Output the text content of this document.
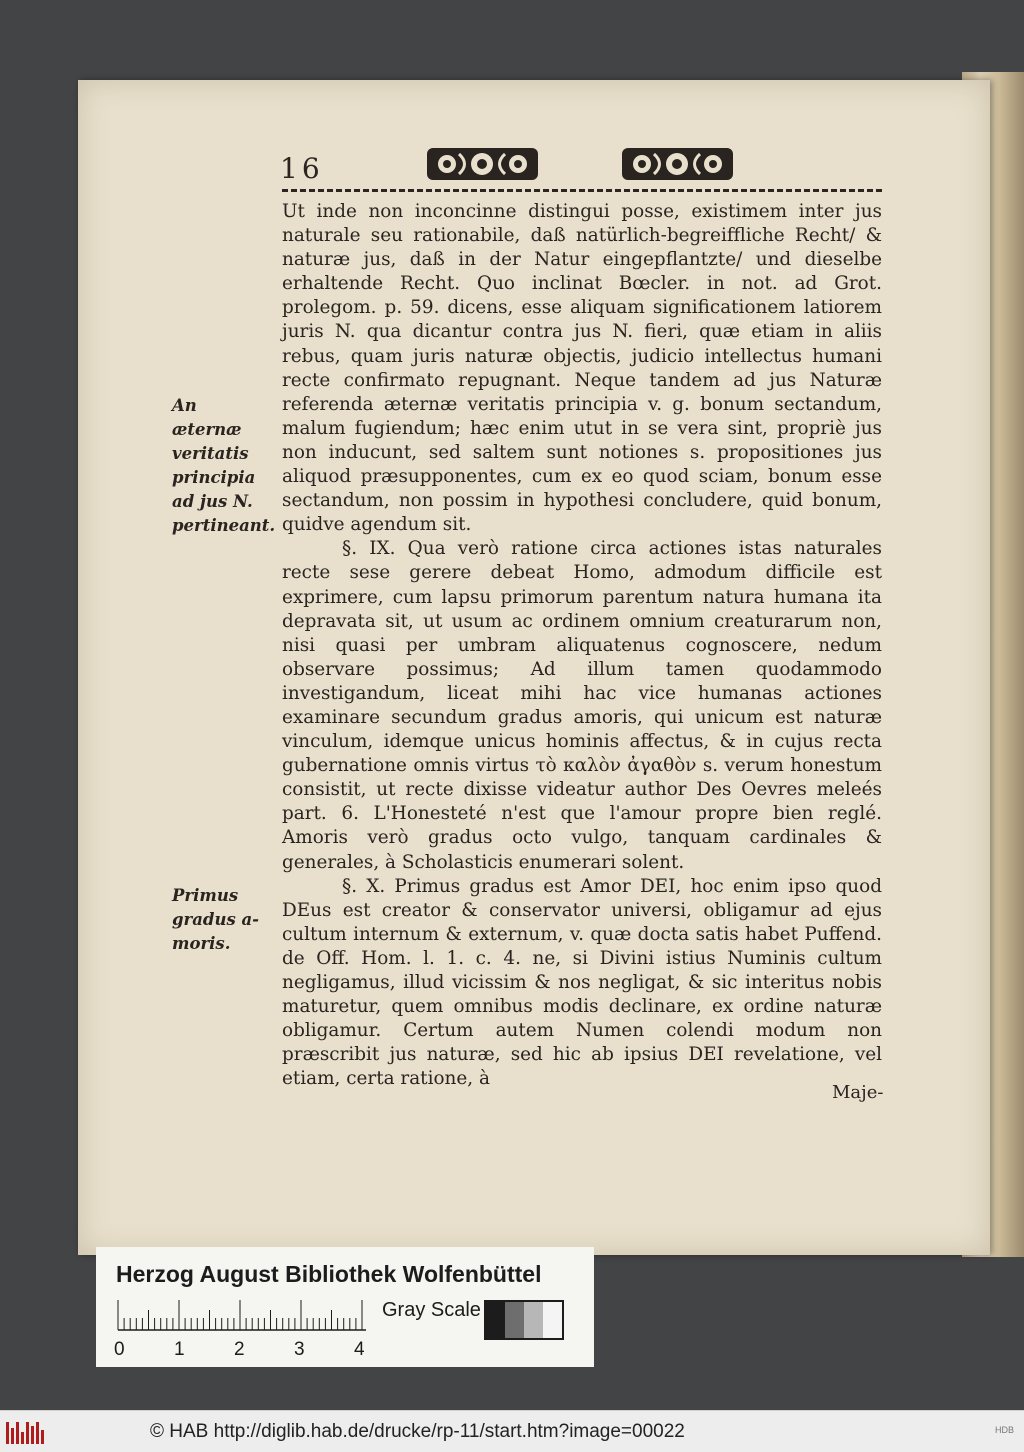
16
An æternæ
veritatis
principia
ad jus N.
pertineant.
Primus
gradus a-
moris.

Ut inde non inconcinne distingui posse, existimem inter jus naturale seu rationabile, daß natürlich-begreiffliche Recht/ & naturæ jus, daß in der Natur eingepflantzte/ und dieselbe erhaltende Recht. Quo inclinat Bœcler. in not. ad Grot. prolegom. p. 59. dicens, esse aliquam significationem latiorem juris N. qua dicantur contra jus N. fieri, quæ etiam in aliis rebus, quam juris naturæ objectis, judicio intellectus humani recte confirmato repugnant. Neque tandem ad jus Naturæ referenda æternæ veritatis principia v. g. bonum sectandum, malum fugiendum; hæc enim utut in se vera sint, propriè jus non inducunt, sed saltem sunt notiones s. propositiones jus aliquod præsupponentes, cum ex eo quod sciam, bonum esse sectandum, non possim in hypothesi concludere, quid bonum, quidve agendum sit.

§. IX. Qua verò ratione circa actiones istas naturales recte sese gerere debeat Homo, admodum difficile est exprimere, cum lapsu primorum parentum natura humana ita depravata sit, ut usum ac ordinem omnium creaturarum non, nisi quasi per umbram aliquatenus cognoscere, nedum observare possimus; Ad illum tamen quodammodo investigandum, liceat mihi hac vice humanas actiones examinare secundum gradus amoris, qui unicum est naturæ vinculum, idemque unicus hominis affectus, & in cujus recta gubernatione omnis virtus τὸ καλὸν ἀγαθὸν s. verum honestum consistit, ut recte dixisse videatur author Des Oevres meleés part. 6. L'Honesteté n'est que l'amour propre bien reglé. Amoris verò gradus octo vulgo, tanquam cardinales & generales, à Scholasticis enumerari solent.

§. X. Primus gradus est Amor DEI, hoc enim ipso quod DEus est creator & conservator universi, obligamur ad ejus cultum internum & externum, v. quæ docta satis habet Puffend. de Off. Hom. l. 1. c. 4. ne, si Divini istius Numinis cultum negligamus, illud vicissim & nos negligat, & sic interitus nobis maturetur, quem omnibus modis declinare, ex ordine naturæ obligamur. Certum autem Numen colendi modum non præscribit jus naturæ, sed hic ab ipsius DEI revelatione, vel etiam, certa ratione, à

Maje-
Herzog August Bibliothek Wolfenbüttel
0	1	2	3	4
Gray Scale
© HAB http://diglib.hab.de/drucke/rp-11/start.htm?image=00022	HDB
